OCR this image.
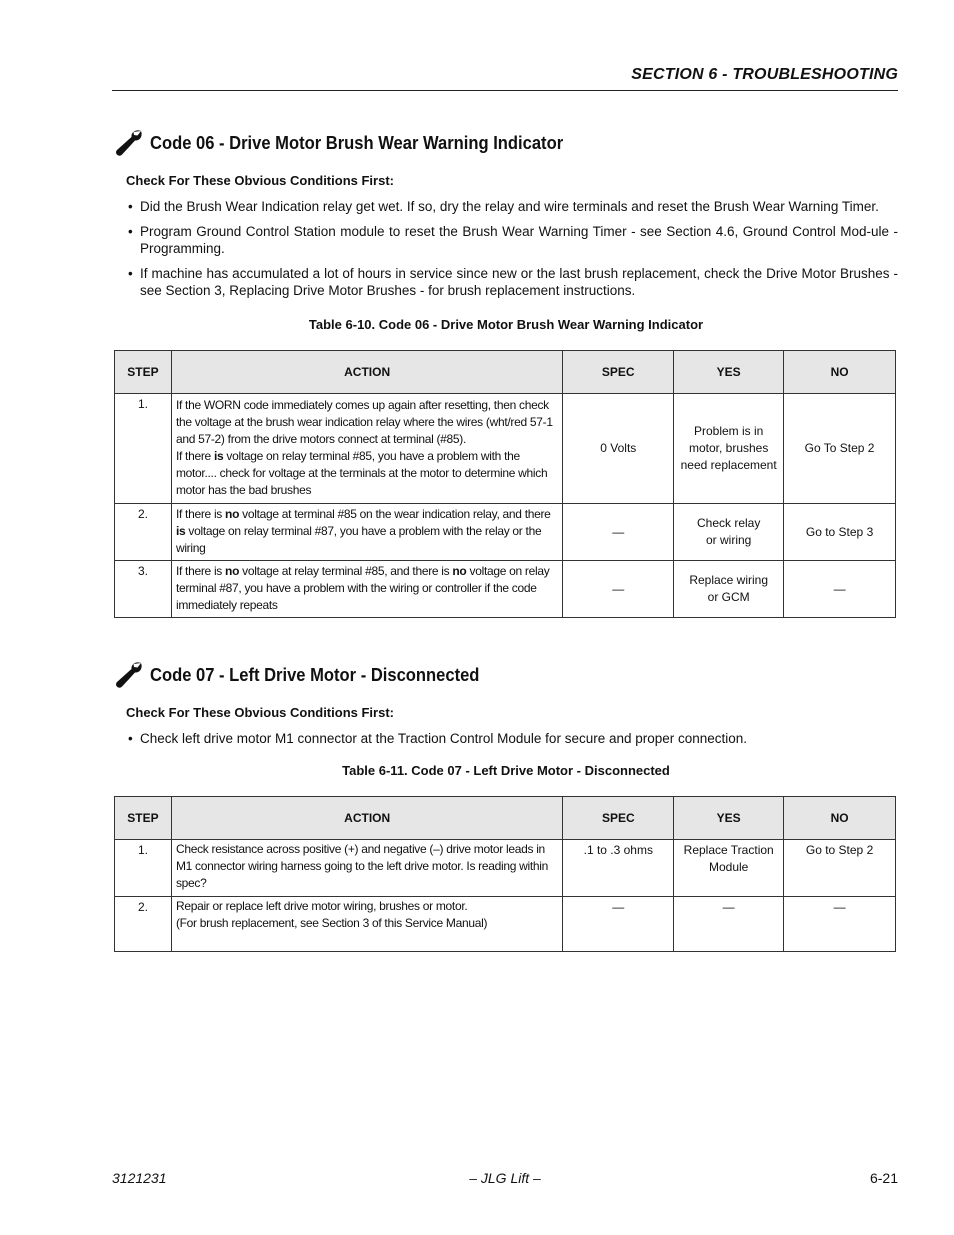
SECTION 6 - TROUBLESHOOTING
Code 06 - Drive Motor Brush Wear Warning Indicator
Check For These Obvious Conditions First:
• Did the Brush Wear Indication relay get wet. If so, dry the relay and wire terminals and reset the Brush Wear Warning Timer.
• Program Ground Control Station module to reset the Brush Wear Warning Timer - see Section 4.6, Ground Control Mod-ule - Programming.
• If machine has accumulated a lot of hours in service since new or the last brush replacement, check the Drive Motor Brushes - see Section 3, Replacing Drive Motor Brushes - for brush replacement instructions.
Table 6-10. Code 06 - Drive Motor Brush Wear Warning Indicator
STEP	ACTION	SPEC	YES	NO
1.	If the WORN code immediately comes up again after resetting, then check the voltage at the brush wear indication relay where the wires (wht/red 57-1 and 57-2) from the drive motors connect at terminal (#85).
If there is voltage on relay terminal #85, you have a problem with the motor.... check for voltage at the terminals at the motor to determine which motor has the bad brushes	0 Volts	Problem is in motor, brushes need replacement	Go To Step 2
2.	If there is no voltage at terminal #85 on the wear indication relay, and there is voltage on relay terminal #87, you have a problem with the relay or the wiring	—	Check relay
or wiring	Go to Step 3
3.	If there is no voltage at relay terminal #85, and there is no voltage on relay terminal #87, you have a problem with the wiring or controller if the code immediately repeats	—	Replace wiring
or GCM	—
Code 07 - Left Drive Motor - Disconnected
Check For These Obvious Conditions First:
• Check left drive motor M1 connector at the Traction Control Module for secure and proper connection.
Table 6-11. Code 07 - Left Drive Motor - Disconnected
STEP	ACTION	SPEC	YES	NO
1.	Check resistance across positive (+) and negative (–) drive motor leads in M1 connector wiring harness going to the left drive motor. Is reading within spec?	.1 to .3 ohms	Replace Traction
Module	Go to Step 2
2.	Repair or replace left drive motor wiring, brushes or motor.
(For brush replacement, see Section 3 of this Service Manual)	—	—	—
3121231	– JLG Lift –	6-21
